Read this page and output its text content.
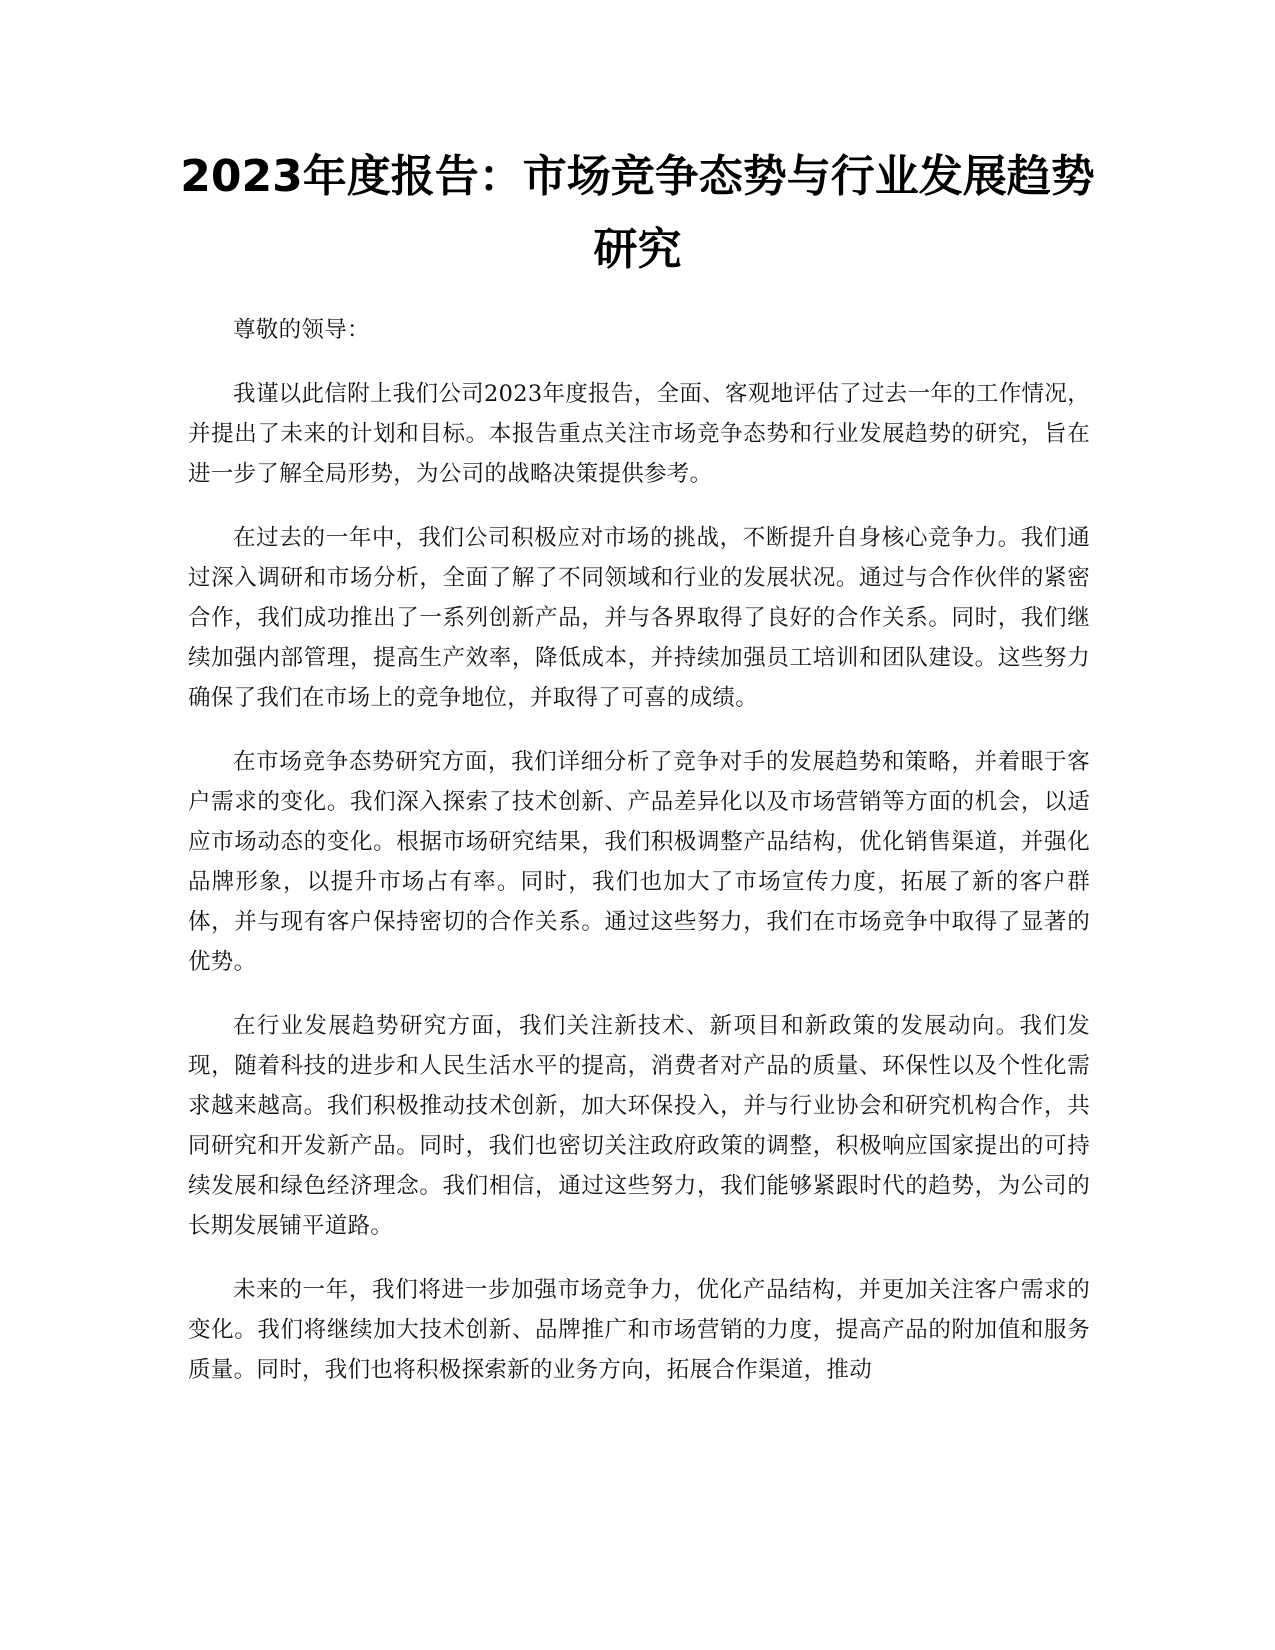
2023年度报告：市场竞争态势与行业发展趋势研究

尊敬的领导：

我谨以此信附上我们公司2023年度报告，全面、客观地评估了过去一年的工作情况，并提出了未来的计划和目标。本报告重点关注市场竞争态势和行业发展趋势的研究，旨在进一步了解全局形势，为公司的战略决策提供参考。

在过去的一年中，我们公司积极应对市场的挑战，不断提升自身核心竞争力。我们通过深入调研和市场分析，全面了解了不同领域和行业的发展状况。通过与合作伙伴的紧密合作，我们成功推出了一系列创新产品，并与各界取得了良好的合作关系。同时，我们继续加强内部管理，提高生产效率，降低成本，并持续加强员工培训和团队建设。这些努力确保了我们在市场上的竞争地位，并取得了可喜的成绩。

在市场竞争态势研究方面，我们详细分析了竞争对手的发展趋势和策略，并着眼于客户需求的变化。我们深入探索了技术创新、产品差异化以及市场营销等方面的机会，以适应市场动态的变化。根据市场研究结果，我们积极调整产品结构，优化销售渠道，并强化品牌形象，以提升市场占有率。同时，我们也加大了市场宣传力度，拓展了新的客户群体，并与现有客户保持密切的合作关系。通过这些努力，我们在市场竞争中取得了显著的优势。

在行业发展趋势研究方面，我们关注新技术、新项目和新政策的发展动向。我们发现，随着科技的进步和人民生活水平的提高，消费者对产品的质量、环保性以及个性化需求越来越高。我们积极推动技术创新，加大环保投入，并与行业协会和研究机构合作，共同研究和开发新产品。同时，我们也密切关注政府政策的调整，积极响应国家提出的可持续发展和绿色经济理念。我们相信，通过这些努力，我们能够紧跟时代的趋势，为公司的长期发展铺平道路。

未来的一年，我们将进一步加强市场竞争力，优化产品结构，并更加关注客户需求的变化。我们将继续加大技术创新、品牌推广和市场营销的力度，提高产品的附加值和服务质量。同时，我们也将积极探索新的业务方向，拓展合作渠道，推动
